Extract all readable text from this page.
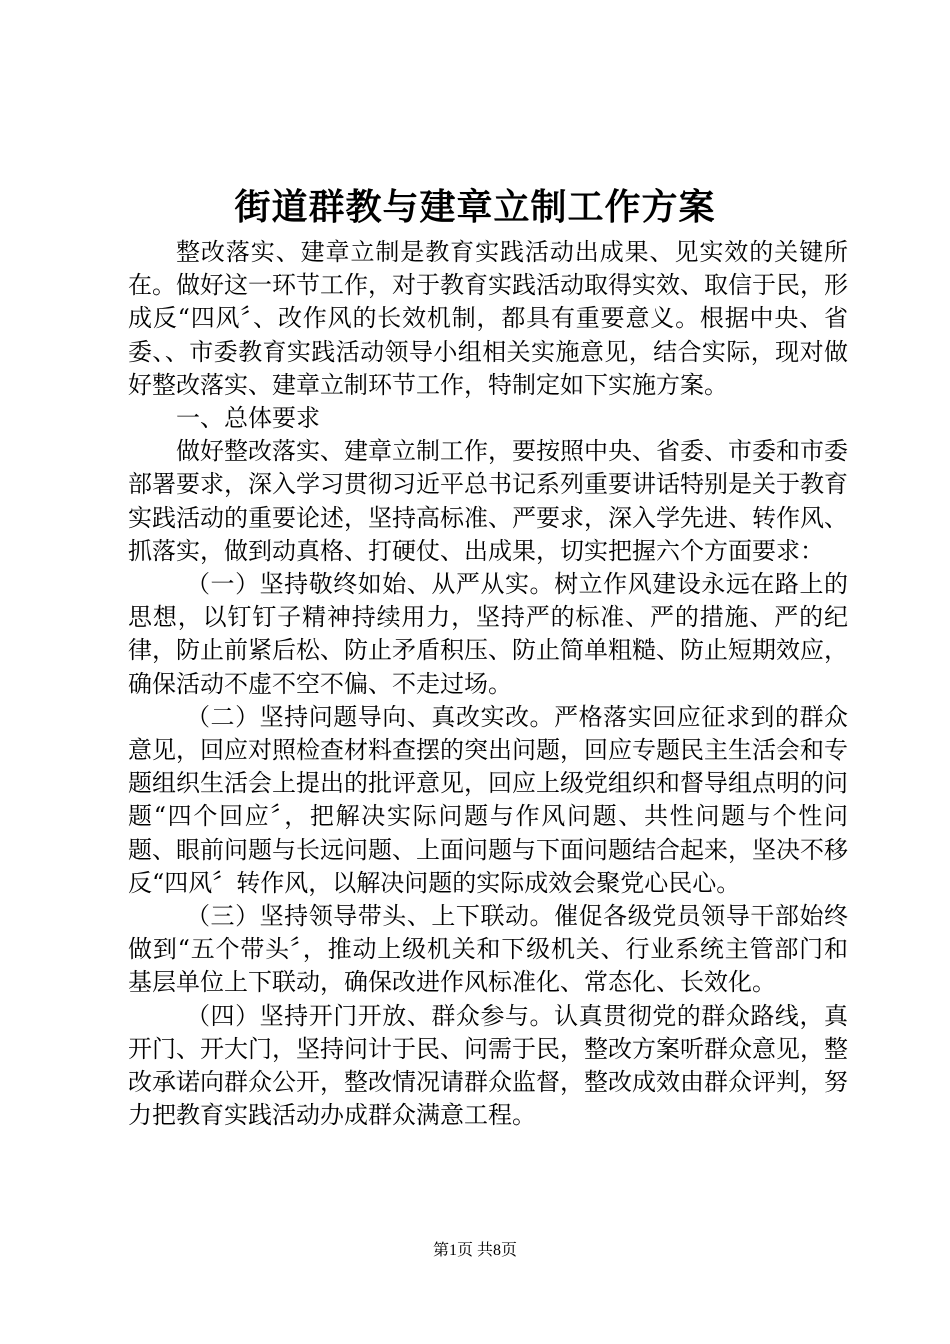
街道群教与建章立制工作方案

整改落实、建章立制是教育实践活动出成果、见实效的关键所在。做好这一环节工作，对于教育实践活动取得实效、取信于民，形成反“四风〞、改作风的长效机制，都具有重要意义。根据中央、省委、、市委教育实践活动领导小组相关实施意见，结合实际，现对做好整改落实、建章立制环节工作，特制定如下实施方案。

一、总体要求

做好整改落实、建章立制工作，要按照中央、省委、市委和市委部署要求，深入学习贯彻习近平总书记系列重要讲话特别是关于教育实践活动的重要论述，坚持高标准、严要求，深入学先进、转作风、抓落实，做到动真格、打硬仗、出成果，切实把握六个方面要求：

（一）坚持敬终如始、从严从实。树立作风建设永远在路上的思想，以钉钉子精神持续用力，坚持严的标准、严的措施、严的纪律，防止前紧后松、防止矛盾积压、防止简单粗糙、防止短期效应，确保活动不虚不空不偏、不走过场。

（二）坚持问题导向、真改实改。严格落实回应征求到的群众意见，回应对照检查材料查摆的突出问题，回应专题民主生活会和专题组织生活会上提出的批评意见，回应上级党组织和督导组点明的问题“四个回应〞，把解决实际问题与作风问题、共性问题与个性问题、眼前问题与长远问题、上面问题与下面问题结合起来，坚决不移反“四风〞转作风，以解决问题的实际成效会聚党心民心。

（三）坚持领导带头、上下联动。催促各级党员领导干部始终做到“五个带头〞，推动上级机关和下级机关、行业系统主管部门和基层单位上下联动，确保改进作风标准化、常态化、长效化。

（四）坚持开门开放、群众参与。认真贯彻党的群众路线，真开门、开大门，坚持问计于民、问需于民，整改方案听群众意见，整改承诺向群众公开，整改情况请群众监督，整改成效由群众评判，努力把教育实践活动办成群众满意工程。

第1页 共8页
